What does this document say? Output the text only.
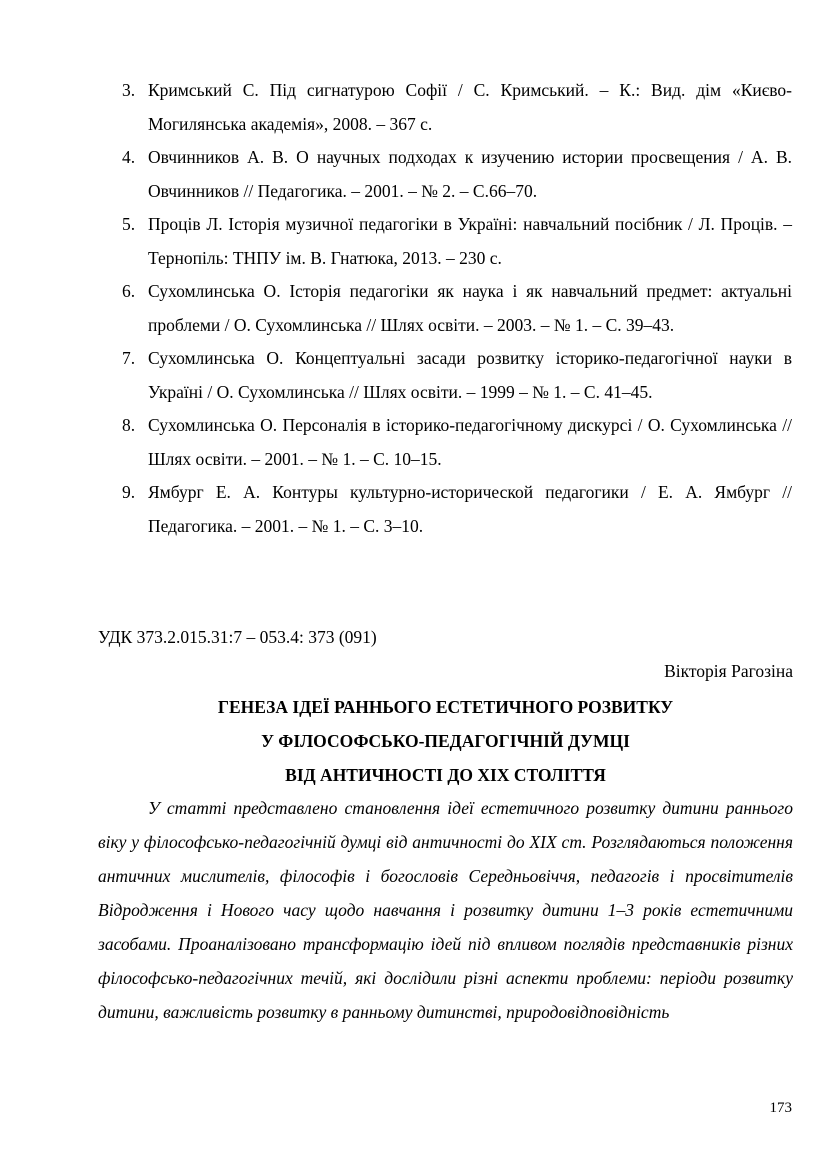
3. Кримський С. Під сигнатурою Софії / С. Кримський. – К.: Вид. дім «Києво-Могилянська академія», 2008. – 367 с.
4. Овчинников А. В. О научных подходах к изучению истории просвещения / А. В. Овчинников // Педагогика. – 2001. – № 2. – С.66–70.
5. Проців Л. Історія музичної педагогіки в Україні: навчальний посібник / Л. Проців. – Тернопіль: ТНПУ ім. В. Гнатюка, 2013. – 230 с.
6. Сухомлинська О. Історія педагогіки як наука і як навчальний предмет: актуальні проблеми / О. Сухомлинська // Шлях освіти. – 2003. – № 1. – С. 39–43.
7. Сухомлинська О. Концептуальні засади розвитку історико-педагогічної науки в Україні / О. Сухомлинська // Шлях освіти. – 1999 – № 1. – С. 41–45.
8. Сухомлинська О. Персоналія в історико-педагогічному дискурсі / О. Сухомлинська // Шлях освіти. – 2001. – № 1. – С. 10–15.
9. Ямбург Е. А. Контуры культурно-исторической педагогики / Е. А. Ямбург // Педагогика. – 2001. – № 1. – С. 3–10.
УДК 373.2.015.31:7 – 053.4: 373 (091)
Вікторія Рагозіна
ГЕНЕЗА ІДЕЇ РАННЬОГО ЕСТЕТИЧНОГО РОЗВИТКУ
У ФІЛОСОФСЬКО-ПЕДАГОГІЧНІЙ ДУМЦІ
ВІД АНТИЧНОСТІ ДО ХІХ СТОЛІТТЯ

У статті представлено становлення ідеї естетичного розвитку дитини раннього віку у філософсько-педагогічній думці від античності до ХІХ ст. Розглядаються положення античних мислителів, філософів і богословів Середньовіччя, педагогів і просвітителів Відродження і Нового часу щодо навчання і розвитку дитини 1–3 років естетичними засобами. Проаналізовано трансформацію ідей під впливом поглядів представників різних філософсько-педагогічних течій, які дослідили різні аспекти проблеми: періоди розвитку дитини, важливість розвитку в ранньому дитинстві, природовідповідність

173
